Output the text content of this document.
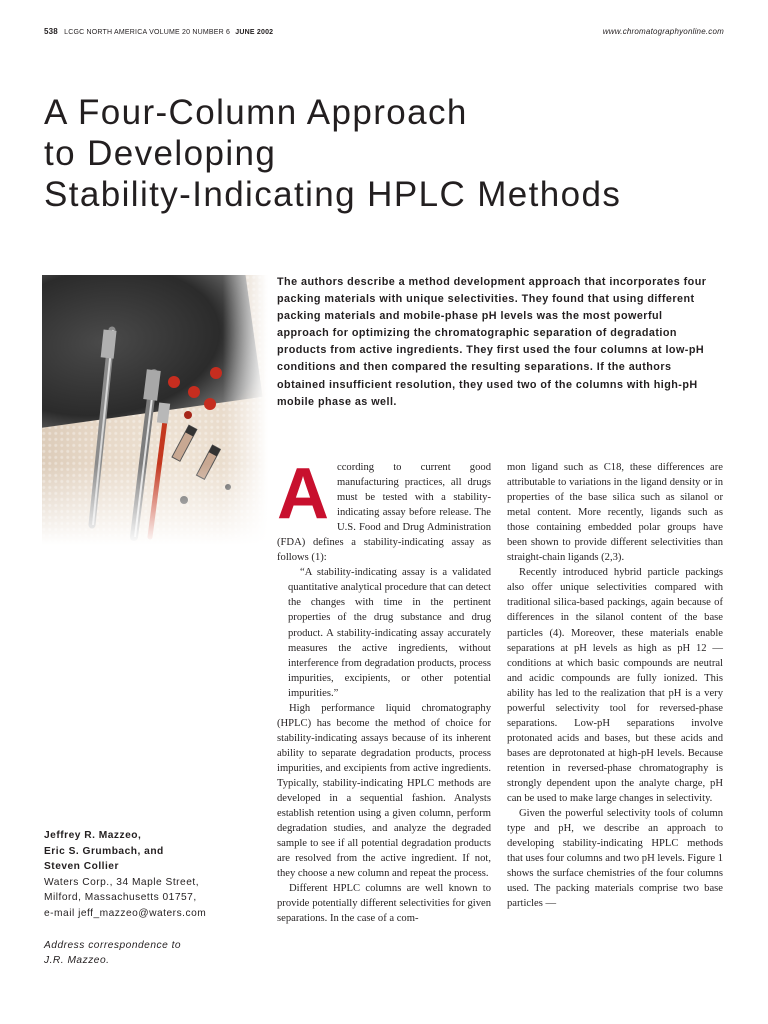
538 LCGC NORTH AMERICA VOLUME 20 NUMBER 6 JUNE 2002	www.chromatographyonline.com
A Four-Column Approach
to Developing
Stability-Indicating HPLC Methods

The authors describe a method development approach that incorporates four packing materials with unique selectivities. They found that using different packing materials and mobile-phase pH levels was the most powerful approach for optimizing the chromatographic separation of degradation products from active ingredients. They first used the four columns at low-pH conditions and then compared the resulting separations. If the authors obtained insufficient resolution, they used two of the columns with high-pH mobile phase as well.

Jeffrey R. Mazzeo,
Eric S. Grumbach, and
Steven Collier
Waters Corp., 34 Maple Street,
Milford, Massachusetts 01757,
e-mail jeff_mazzeo@waters.com
Address correspondence to
J.R. Mazzeo.

According to current good manufacturing practices, all drugs must be tested with a stability-indicating assay before release. The U.S. Food and Drug Administration (FDA) defines a stability-indicating assay as follows (1):

“A stability-indicating assay is a validated quantitative analytical procedure that can detect the changes with time in the pertinent properties of the drug substance and drug product. A stability-indicating assay accurately measures the active ingredients, without interference from degradation products, process impurities, excipients, or other potential impurities.”

High performance liquid chromatography (HPLC) has become the method of choice for stability-indicating assays because of its inherent ability to separate degradation products, process impurities, and excipients from active ingredients. Typically, stability-indicating HPLC methods are developed in a sequential fashion. Analysts establish retention using a given column, perform degradation studies, and analyze the degraded sample to see if all potential degradation products are resolved from the active ingredient. If not, they choose a new column and repeat the process.

Different HPLC columns are well known to provide potentially different selectivities for given separations. In the case of a com-

mon ligand such as C18, these differences are attributable to variations in the ligand density or in properties of the base silica such as silanol or metal content. More recently, ligands such as those containing embedded polar groups have been shown to provide different selectivities than straight-chain ligands (2,3).

Recently introduced hybrid particle packings also offer unique selectivities compared with traditional silica-based packings, again because of differences in the silanol content of the base particles (4). Moreover, these materials enable separations at pH levels as high as pH 12 — conditions at which basic compounds are neutral and acidic compounds are fully ionized. This ability has led to the realization that pH is a very powerful selectivity tool for reversed-phase separations. Low-pH separations involve protonated acids and bases, but these acids and bases are deprotonated at high-pH levels. Because retention in reversed-phase chromatography is strongly dependent upon the analyte charge, pH can be used to make large changes in selectivity.

Given the powerful selectivity tools of column type and pH, we describe an approach to developing stability-indicating HPLC methods that uses four columns and two pH levels. Figure 1 shows the surface chemistries of the four columns used. The packing materials comprise two base particles —
